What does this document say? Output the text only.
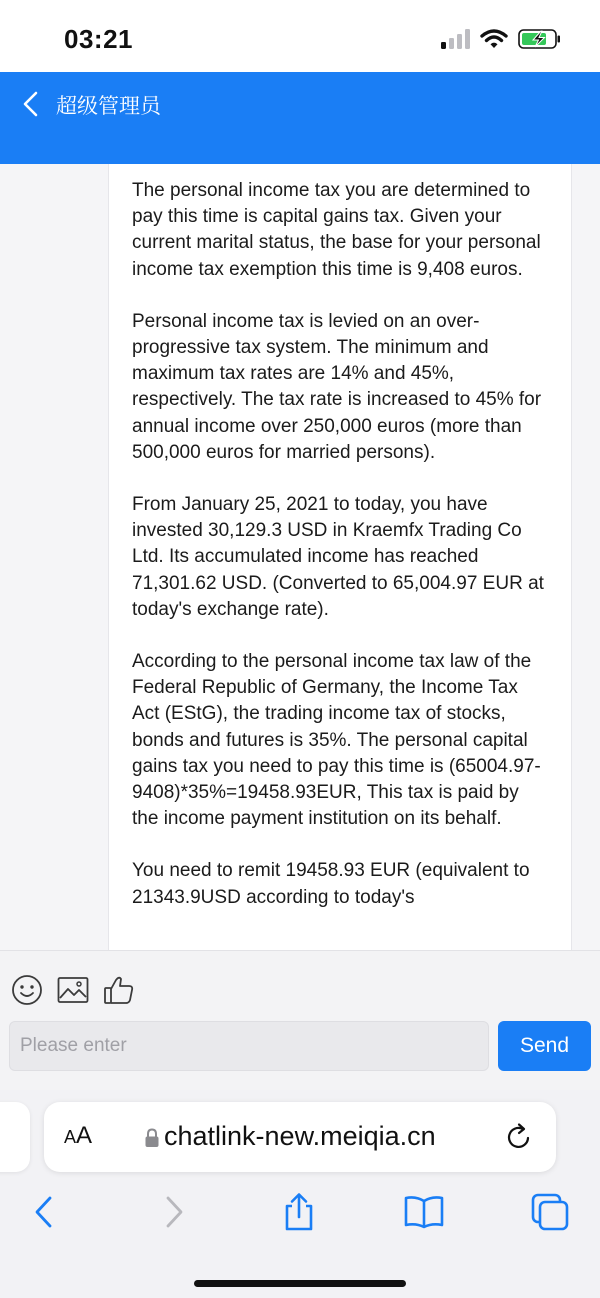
03:21
超级管理员

The personal income tax you are determined to pay this time is capital gains tax. Given your current marital status, the base for your personal income tax exemption this time is 9,408 euros.

Personal income tax is levied on an over-progressive tax system. The minimum and maximum tax rates are 14% and 45%, respectively. The tax rate is increased to 45% for annual income over 250,000 euros (more than 500,000 euros for married persons).

From January 25, 2021 to today, you have invested 30,129.3 USD in Kraemfx Trading Co Ltd. Its accumulated income has reached 71,301.62 USD. (Converted to 65,004.97 EUR at today's exchange rate).

According to the personal income tax law of the Federal Republic of Germany, the Income Tax Act (EStG), the trading income tax of stocks, bonds and futures is 35%. The personal capital gains tax you need to pay this time is (65004.97-9408)*35%=19458.93EUR, This tax is paid by the income payment institution on its behalf.

You need to remit 19458.93 EUR (equivalent to 21343.9USD according to today's

Please enter
Send
AA	chatlink-new.meiqia.cn
